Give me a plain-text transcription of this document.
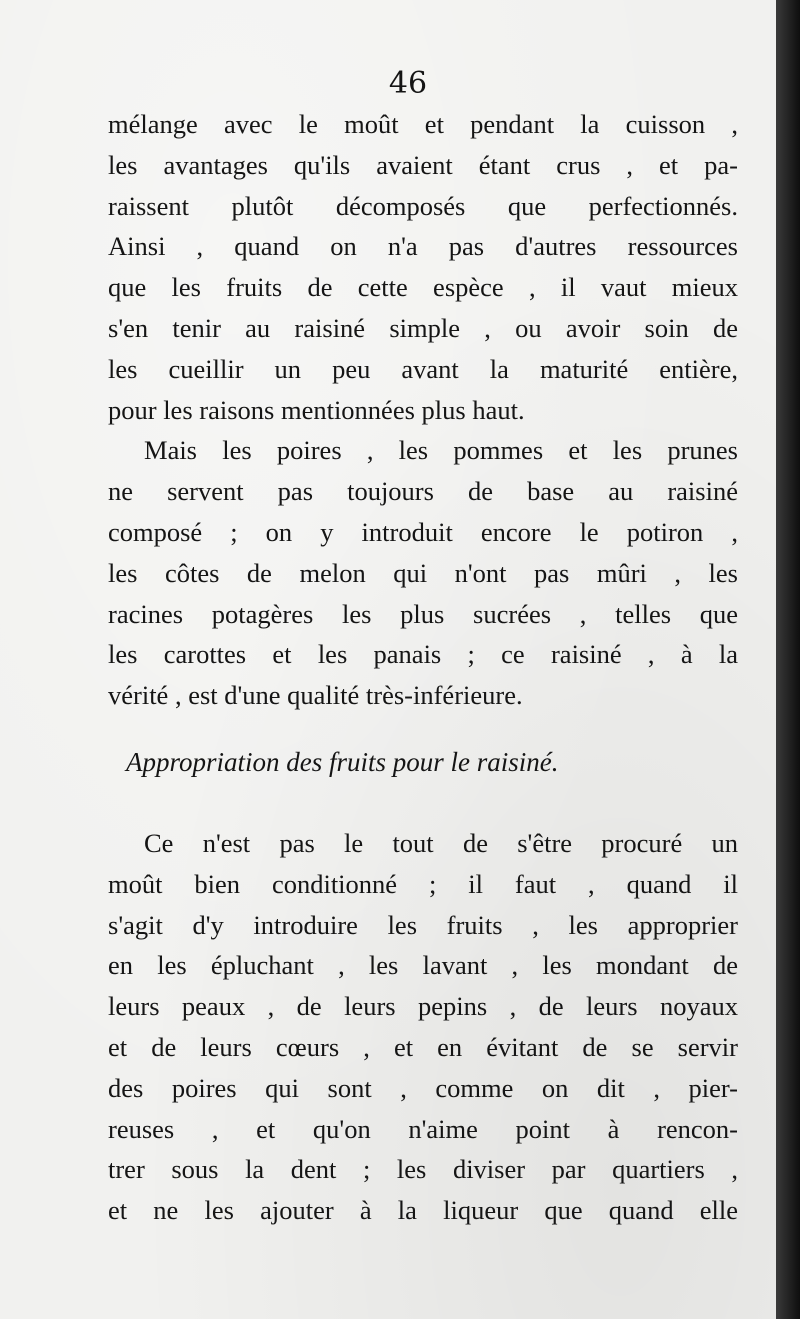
46
mélange avec le moût et pendant la cuisson ,
les avantages qu'ils avaient étant crus , et pa-
raissent plutôt décomposés que perfectionnés.
Ainsi , quand on n'a pas d'autres ressources
que les fruits de cette espèce , il vaut mieux
s'en tenir au raisiné simple , ou avoir soin de
les cueillir un peu avant la maturité entière,
pour les raisons mentionnées plus haut.
Mais les poires , les pommes et les prunes
ne servent pas toujours de base au raisiné
composé ; on y introduit encore le potiron ,
les côtes de melon qui n'ont pas mûri , les
racines potagères les plus sucrées , telles que
les carottes et les panais ; ce raisiné , à la
vérité , est d'une qualité très-inférieure.
Appropriation des fruits pour le raisiné.
Ce n'est pas le tout de s'être procuré un
moût bien conditionné ; il faut , quand il
s'agit d'y introduire les fruits , les approprier
en les épluchant , les lavant , les mondant de
leurs peaux , de leurs pepins , de leurs noyaux
et de leurs cœurs , et en évitant de se servir
des poires qui sont , comme on dit , pier-
reuses , et qu'on n'aime point à rencon-
trer sous la dent ; les diviser par quartiers ,
et ne les ajouter à la liqueur que quand elle
